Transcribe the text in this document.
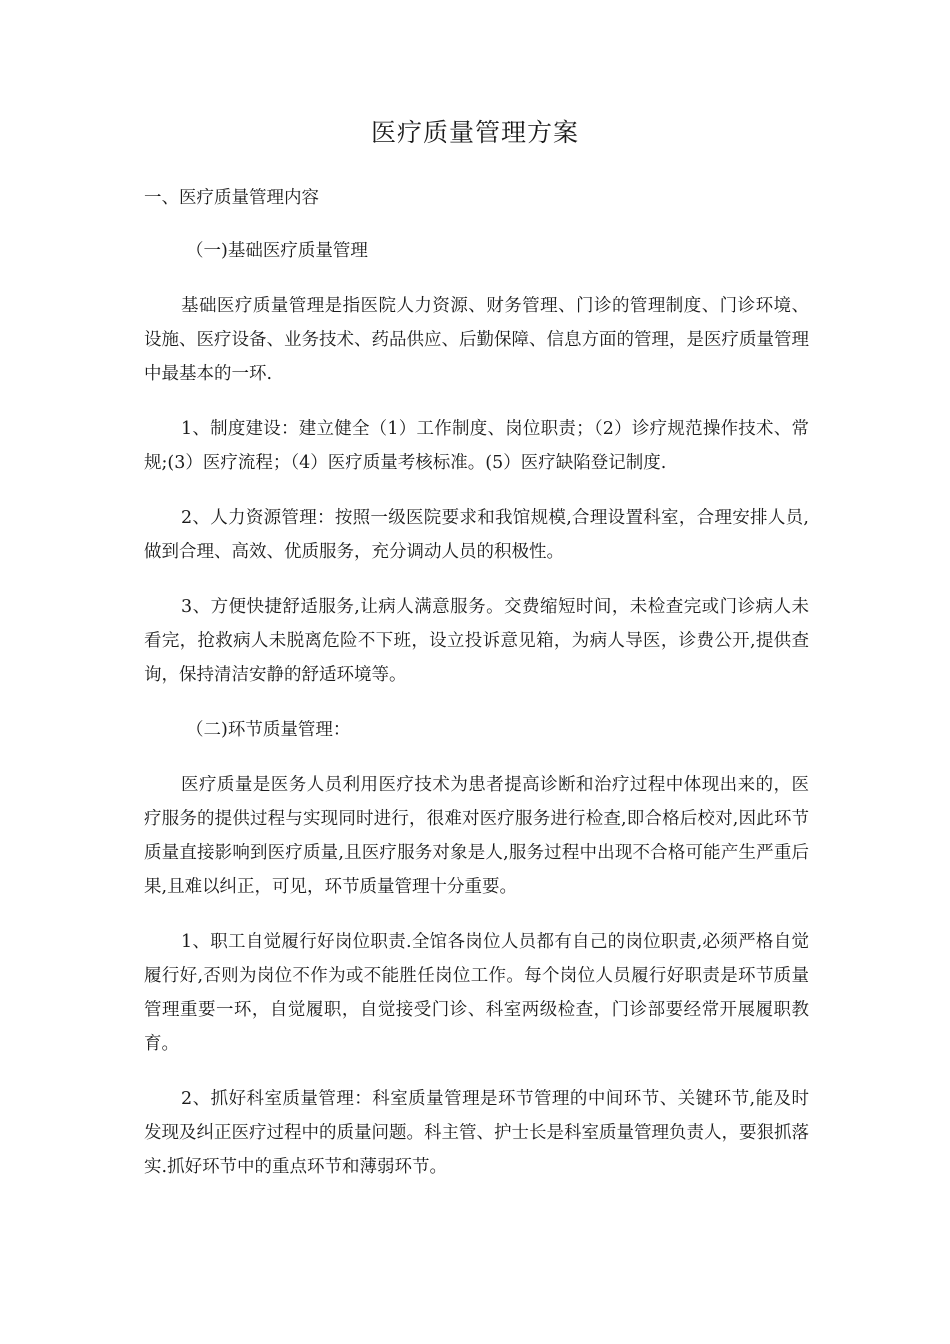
医疗质量管理方案
一、医疗质量管理内容
（一)基础医疗质量管理
基础医疗质量管理是指医院人力资源、财务管理、门诊的管理制度、门诊环境、设施、医疗设备、业务技术、药品供应、后勤保障、信息方面的管理，是医疗质量管理中最基本的一环.
1、制度建设：建立健全（1）工作制度、岗位职责；（2）诊疗规范操作技术、常规;(3）医疗流程；（4）医疗质量考核标准。(5）医疗缺陷登记制度.
2、人力资源管理：按照一级医院要求和我馆规模,合理设置科室，合理安排人员,做到合理、高效、优质服务，充分调动人员的积极性。
3、方便快捷舒适服务,让病人满意服务。交费缩短时间，未检查完或门诊病人未看完，抢救病人未脱离危险不下班，设立投诉意见箱，为病人导医，诊费公开,提供查询，保持清洁安静的舒适环境等。
（二)环节质量管理：
医疗质量是医务人员利用医疗技术为患者提高诊断和治疗过程中体现出来的，医疗服务的提供过程与实现同时进行，很难对医疗服务进行检查,即合格后校对,因此环节质量直接影响到医疗质量,且医疗服务对象是人,服务过程中出现不合格可能产生严重后果,且难以纠正，可见，环节质量管理十分重要。
1、职工自觉履行好岗位职责.全馆各岗位人员都有自己的岗位职责,必须严格自觉履行好,否则为岗位不作为或不能胜任岗位工作。每个岗位人员履行好职责是环节质量管理重要一环，自觉履职，自觉接受门诊、科室两级检查，门诊部要经常开展履职教育。
2、抓好科室质量管理：科室质量管理是环节管理的中间环节、关键环节,能及时发现及纠正医疗过程中的质量问题。科主管、护士长是科室质量管理负责人，要狠抓落实.抓好环节中的重点环节和薄弱环节。
